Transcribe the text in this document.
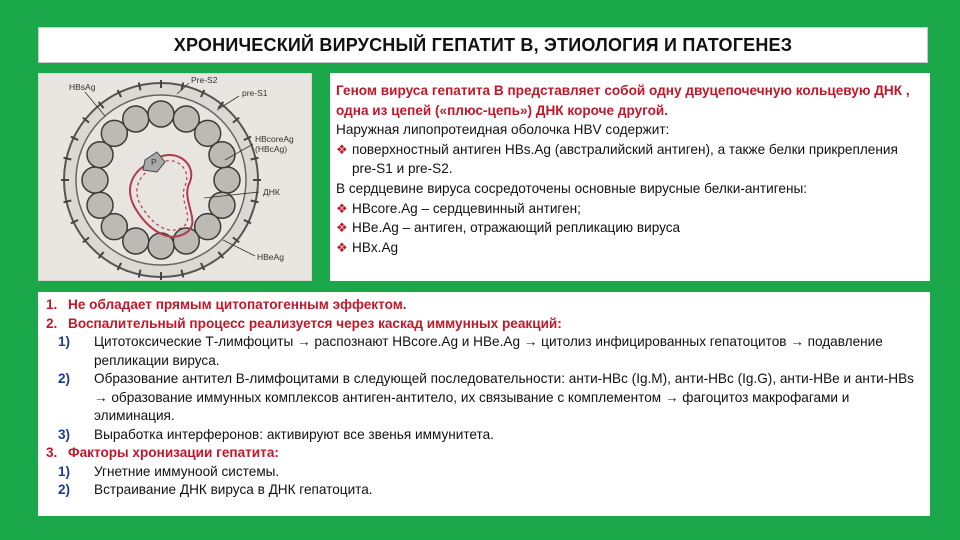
ХРОНИЧЕСКИЙ ВИРУСНЫЙ ГЕПАТИТ В, ЭТИОЛОГИЯ И ПАТОГЕНЕЗ
P
HBsAg
Pre-S2
pre-S1
HBcoreAg
(HBcAg)
ДНК
HBeAg
Геном вируса гепатита В представляет собой одну двуцепочечную кольцевую ДНК , одна из цепей («плюс-цепь») ДНК короче другой.
Наружная липопротеидная оболочка HBV содержит:
❖ поверхностный антиген HBs.Ag (австралийский антиген), а также белки прикрепления pre-S1 и pre-S2.
В сердцевине вируса сосредоточены основные вирусные белки-антигены:
❖ HBcore.Ag – сердцевинный антиген;
❖ HBe.Ag – антиген, отражающий репликацию вируса
❖ HBx.Ag
1. Не обладает прямым цитопатогенным эффектом.
2. Воспалительный процесс реализуется через каскад иммунных реакций:
1)	Цитотоксические Т-лимфоциты → распознают HBcore.Ag и HBe.Ag → цитолиз инфицированных гепатоцитов → подавление репликации вируса.
2)	Образование антител В-лимфоцитами в следующей последовательности: анти-НВс (Ig.M), анти-НВс (Ig.G), анти-HBe и анти-HBs → образование иммунных комплексов антиген-антитело, их связывание с комплементом → фагоцитоз макрофагами и элиминация.
3)	Выработка интерферонов: активируют все звенья иммунитета.
3. Факторы хронизации гепатита:
1)	Угнетние иммуноой системы.
2)	Встраивание ДНК вируса в ДНК гепатоцита.
